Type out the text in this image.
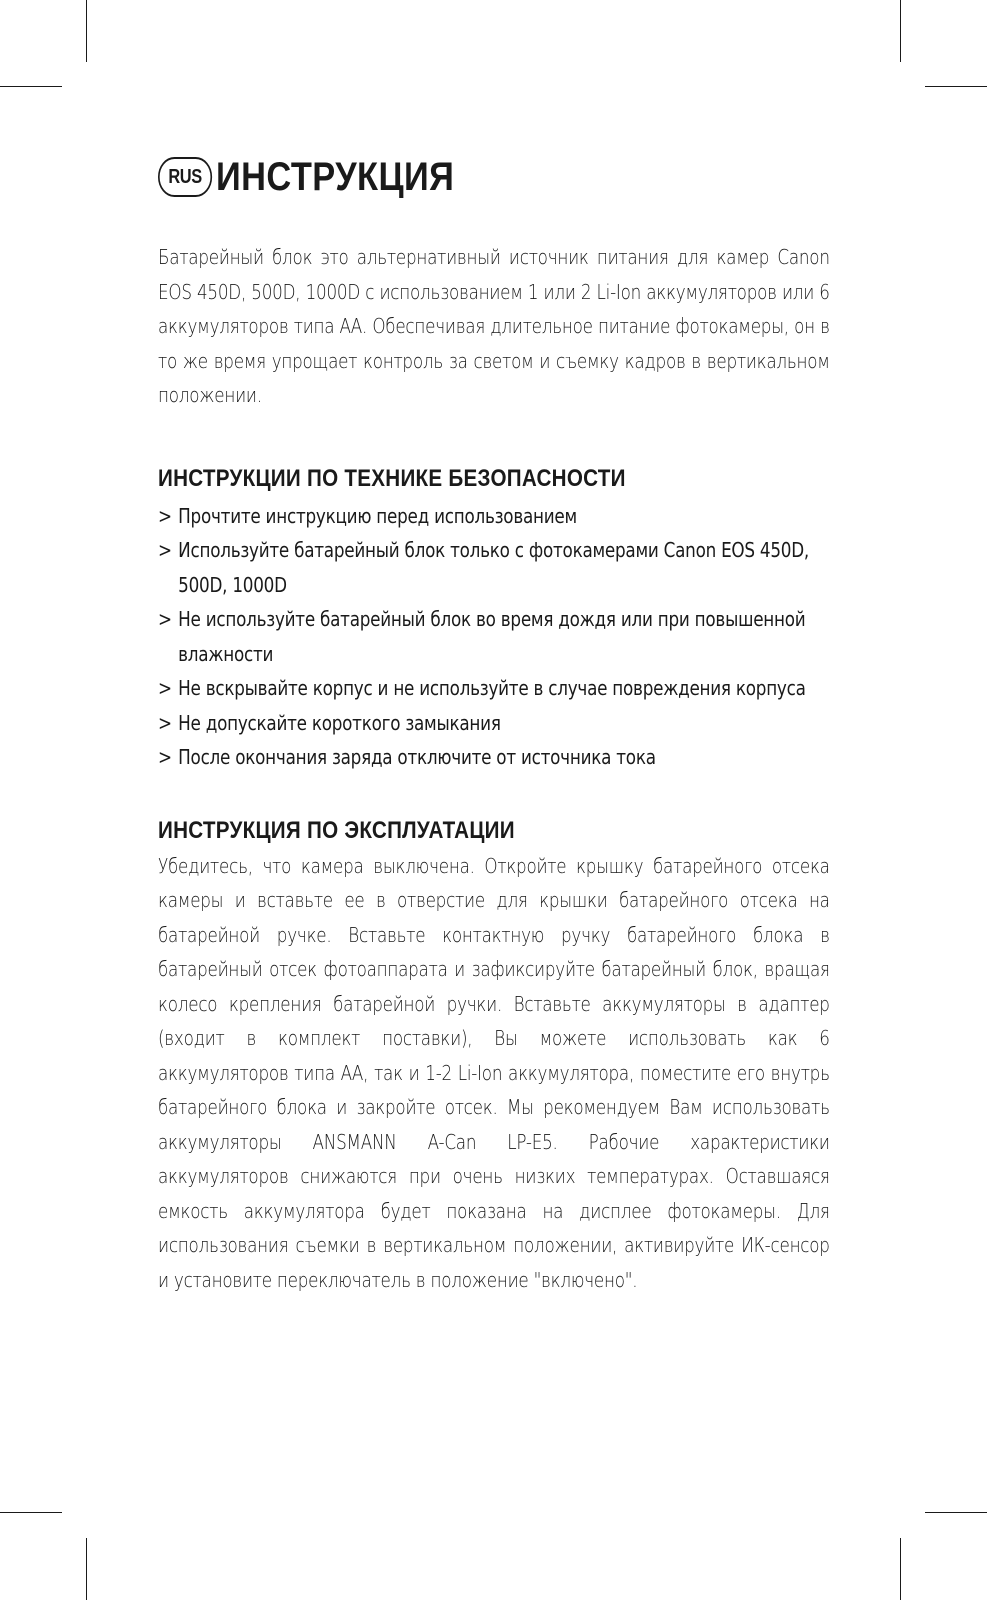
RUS ИНСТРУКЦИЯ

Батарейный блок это альтернативный источник питания для камер Canon EOS 450D, 500D, 1000D с использованием 1 или 2 Li-Ion аккумуляторов или 6 аккумуляторов типа АА. Обеспечивая длительное питание фотокамеры, он в то же время упрощает контроль за светом и съемку кадров в вертикальном положении.

ИНСТРУКЦИИ ПО ТЕХНИКЕ БЕЗОПАСНОСТИ
> Прочтите инструкцию перед использованием
> Используйте батарейный блок только с фотокамерами Canon EOS 450D, 500D, 1000D
> Не используйте батарейный блок во время дождя или при повышенной влажности
> Не вскрывайте корпус и не используйте в случае повреждения корпуса
> Не допускайте короткого замыкания
> После окончания заряда отключите от источника тока
ИНСТРУКЦИЯ ПО ЭКСПЛУАТАЦИИ

Убедитесь, что камера выключена. Откройте крышку батарейного отсека камеры и вставьте ее в отверстие для крышки батарейного отсека на батарейной ручке. Вставьте контактную ручку батарейного блока в батарейный отсек фотоаппарата и зафиксируйте батарейный блок, вращая колесо крепления батарейной ручки. Вставьте аккумуляторы в адаптер (входит в комплект поставки), Вы можете использовать как 6 аккумуляторов типа АА, так и 1-2 Li-Ion аккумулятора, поместите его внутрь батарейного блока и закройте отсек. Мы рекомендуем Вам использовать аккумуляторы ANSMANN A-Can LP-E5. Рабочие характеристики аккумуляторов снижаются при очень низких температурах. Оставшаяся емкость аккумулятора будет показана на дисплее фотокамеры. Для использования съемки в вертикальном положении, активируйте ИК-сенсор и установите переключатель в положение "включено".
